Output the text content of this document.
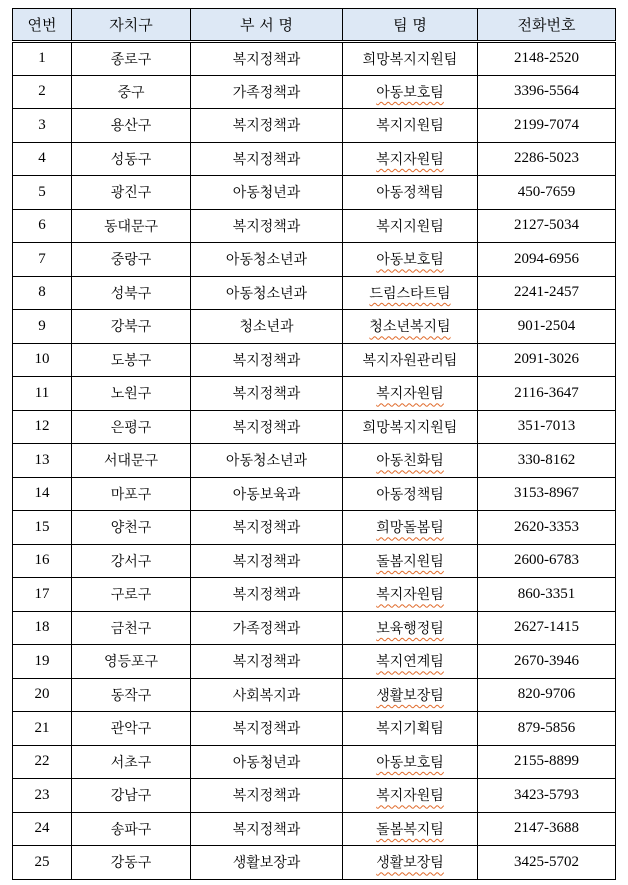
연번	자치구	부 서 명	팀 명	전화번호
1	종로구	복지정책과	희망복지지원팀	2148-2520
2	중구	가족정책과	아동보호팀	3396-5564
3	용산구	복지정책과	복지지원팀	2199-7074
4	성동구	복지정책과	복지자원팀	2286-5023
5	광진구	아동청년과	아동정책팀	450-7659
6	동대문구	복지정책과	복지지원팀	2127-5034
7	중랑구	아동청소년과	아동보호팀	2094-6956
8	성북구	아동청소년과	드림스타트팀	2241-2457
9	강북구	청소년과	청소년복지팀	901-2504
10	도봉구	복지정책과	복지자원관리팀	2091-3026
11	노원구	복지정책과	복지자원팀	2116-3647
12	은평구	복지정책과	희망복지지원팀	351-7013
13	서대문구	아동청소년과	아동친화팀	330-8162
14	마포구	아동보육과	아동정책팀	3153-8967
15	양천구	복지정책과	희망돌봄팀	2620-3353
16	강서구	복지정책과	돌봄지원팀	2600-6783
17	구로구	복지정책과	복지자원팀	860-3351
18	금천구	가족정책과	보육행정팀	2627-1415
19	영등포구	복지정책과	복지연계팀	2670-3946
20	동작구	사회복지과	생활보장팀	820-9706
21	관악구	복지정책과	복지기획팀	879-5856
22	서초구	아동청년과	아동보호팀	2155-8899
23	강남구	복지정책과	복지자원팀	3423-5793
24	송파구	복지정책과	돌봄복지팀	2147-3688
25	강동구	생활보장과	생활보장팀	3425-5702
